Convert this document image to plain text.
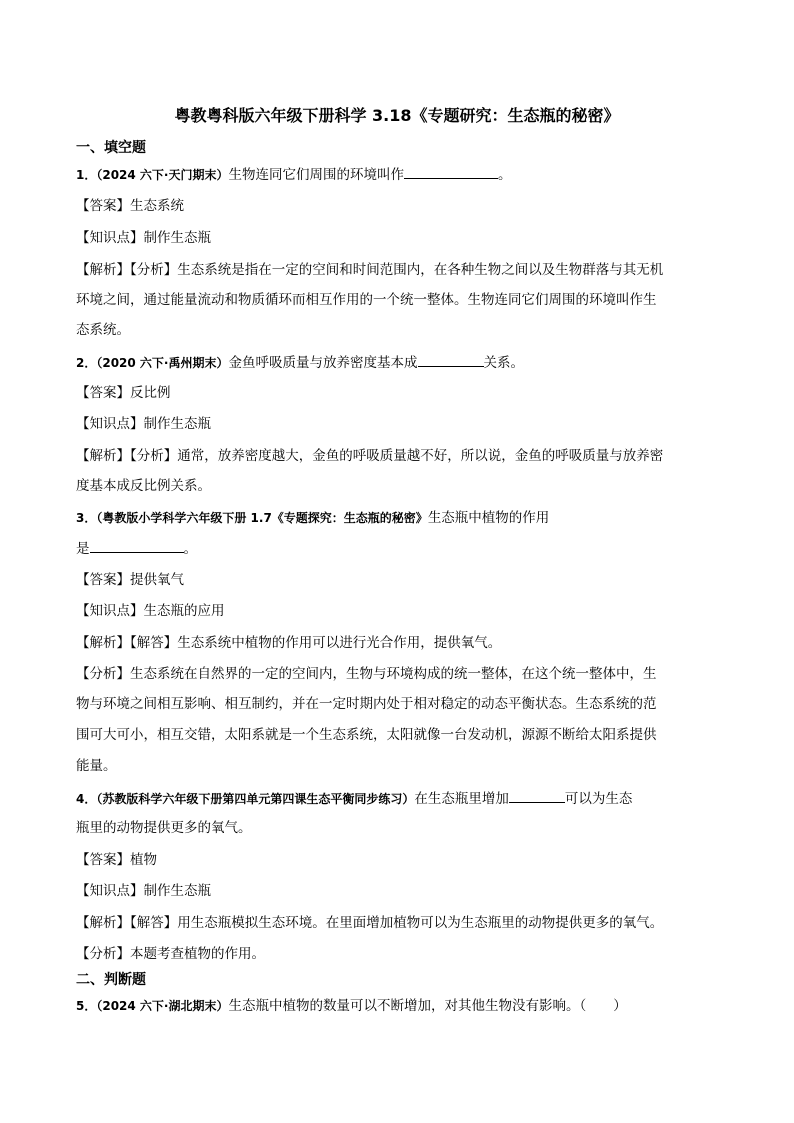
粤教粤科版六年级下册科学 3.18《专题研究：生态瓶的秘密》
一、填空题
1．（2024 六下·天门期末）生物连同它们周围的环境叫作	。
【答案】生态系统
【知识点】制作生态瓶
【解析】【分析】生态系统是指在一定的空间和时间范围内，在各种生物之间以及生物群落与其无机
环境之间，通过能量流动和物质循环而相互作用的一个统一整体。生物连同它们周围的环境叫作生
态系统。
2．（2020 六下·禹州期末）金鱼呼吸质量与放养密度基本成	关系。
【答案】反比例
【知识点】制作生态瓶
【解析】【分析】通常，放养密度越大，金鱼的呼吸质量越不好，所以说，金鱼的呼吸质量与放养密
度基本成反比例关系。
3．（粤教版小学科学六年级下册 1.7《专题探究：生态瓶的秘密》生态瓶中植物的作用
是	。
【答案】提供氧气
【知识点】生态瓶的应用
【解析】【解答】生态系统中植物的作用可以进行光合作用，提供氧气。
【分析】生态系统在自然界的一定的空间内，生物与环境构成的统一整体，在这个统一整体中，生
物与环境之间相互影响、相互制约，并在一定时期内处于相对稳定的动态平衡状态。生态系统的范
围可大可小，相互交错，太阳系就是一个生态系统，太阳就像一台发动机，源源不断给太阳系提供
能量。
4．（苏教版科学六年级下册第四单元第四课生态平衡同步练习）在生态瓶里增加	可以为生态
瓶里的动物提供更多的氧气。
【答案】植物
【知识点】制作生态瓶
【解析】【解答】用生态瓶模拟生态环境。在里面增加植物可以为生态瓶里的动物提供更多的氧气。
【分析】本题考查植物的作用。
二、判断题
5．（2024 六下·湖北期末）生态瓶中植物的数量可以不断增加，对其他生物没有影响。（　　）
